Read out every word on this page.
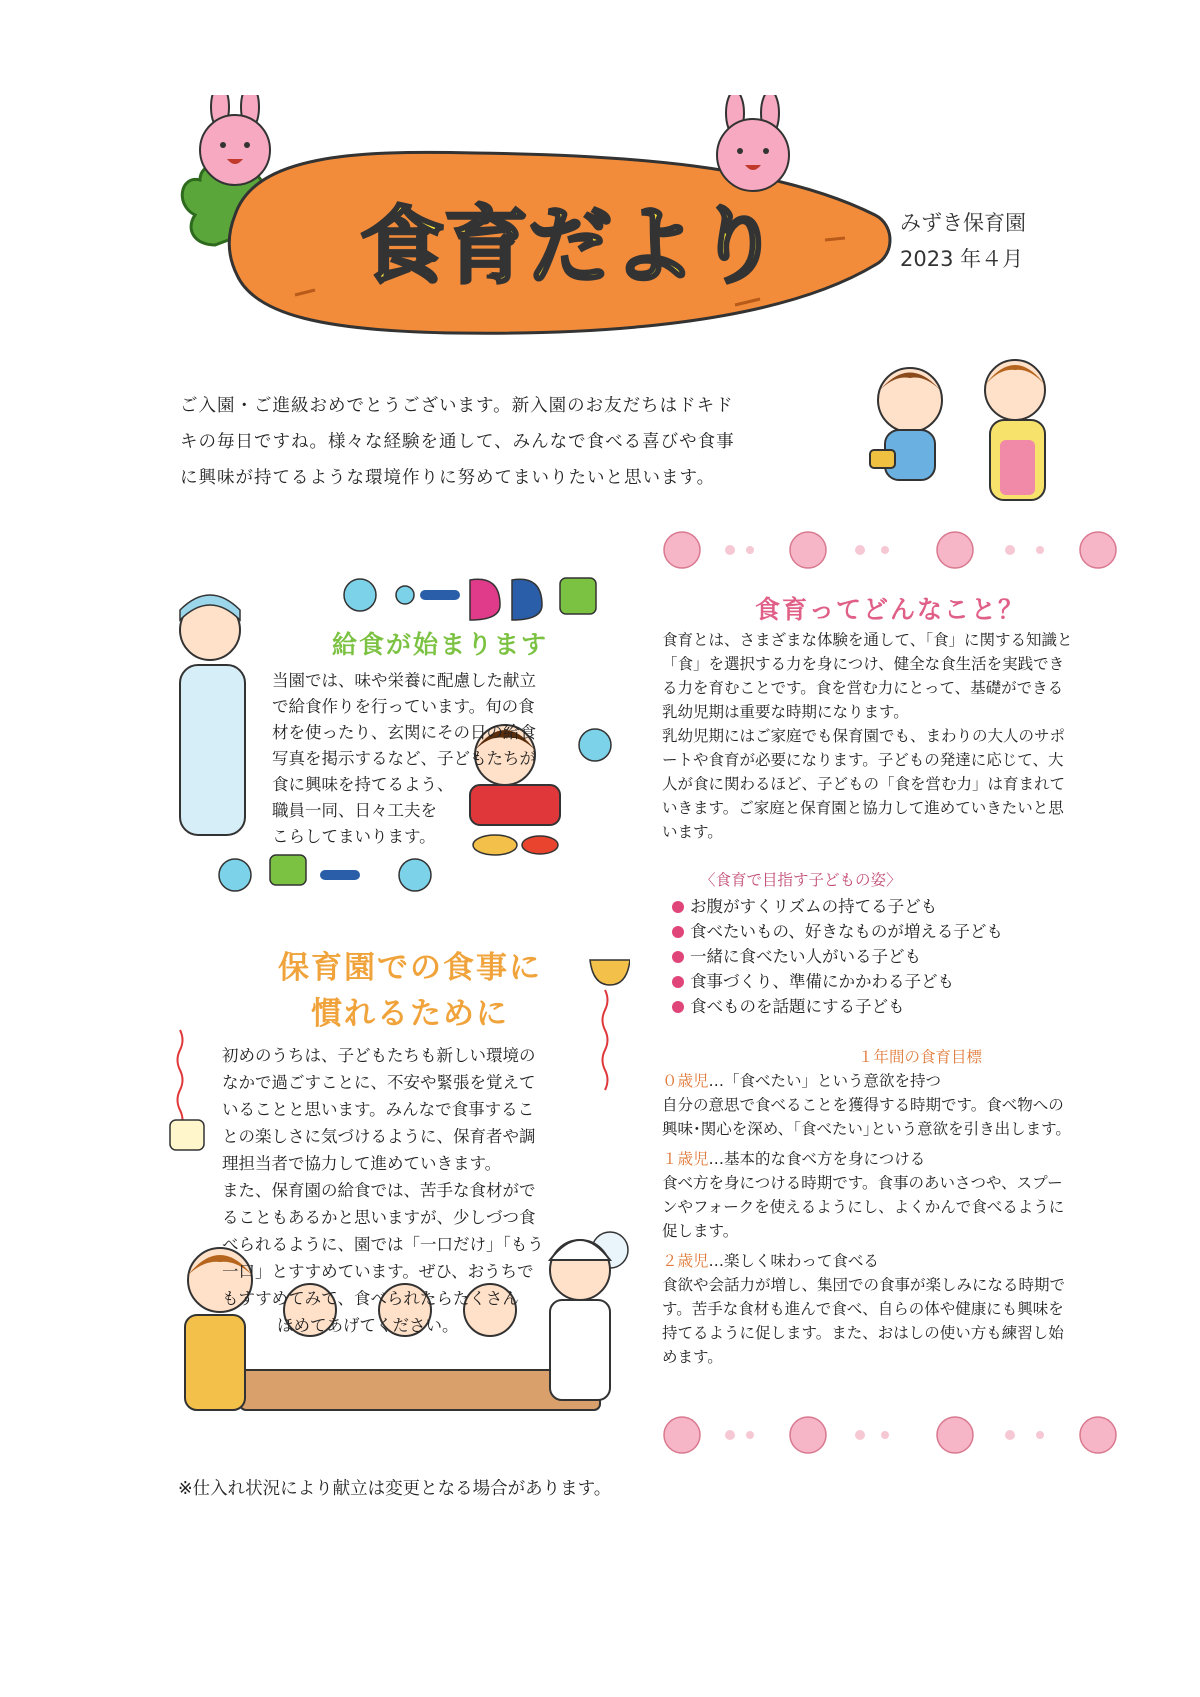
食育だより	みずき保育園
2023 年４月
ご入園・ご進級おめでとうございます。新入園のお友だちはドキドキの毎日ですね。様々な経験を通して、みんなで食べる喜びや食事に興味が持てるような環境作りに努めてまいりたいと思います。
給食が始まります

当園では、味や栄養に配慮した献立

で給食作りを行っています。旬の食

材を使ったり、玄関にその日の給食

写真を掲示するなど、子どもたちが

食に興味を持てるよう、

職員一同、日々工夫を

こらしてまいります。

保育園での食事に
慣れるために

初めのうちは、子どもたちも新しい環境の

なかで過ごすことに、不安や緊張を覚えて

いることと思います。みんなで食事するこ

との楽しさに気づけるように、保育者や調

理担当者で協力して進めていきます。

また、保育園の給食では、苦手な食材がで

ることもあるかと思いますが、少しづつ食

べられるように、園では「一口だけ」「もう

一口」とすすめています。ぜひ、おうちで

もすすめてみて、食べられたらたくさん

ほめてあげてください。

食育ってどんなこと？

食育とは、さまざまな体験を通して、「食」に関する知識と

「食」を選択する力を身につけ、健全な食生活を実践でき

る力を育むことです。食を営む力にとって、基礎ができる

乳幼児期は重要な時期になります。

乳幼児期にはご家庭でも保育園でも、まわりの大人のサポ

ートや食育が必要になります。子どもの発達に応じて、大

人が食に関わるほど、子どもの「食を営む力」は育まれて

いきます。ご家庭と保育園と協力して進めていきたいと思

います。

〈食育で目指す子どもの姿〉
お腹がすくリズムの持てる子ども
食べたいもの、好きなものが増える子ども
一緒に食べたい人がいる子ども
食事づくり、準備にかかわる子ども
食べものを話題にする子ども
１年間の食育目標

０歳児…「食べたい」という意欲を持つ

自分の意思で食べることを獲得する時期です。食べ物への

興味･関心を深め、｢食べたい｣という意欲を引き出します。

１歳児…基本的な食べ方を身につける

食べ方を身につける時期です。食事のあいさつや、スプー

ンやフォークを使えるようにし、よくかんで食べるように

促します。

２歳児…楽しく味わって食べる

食欲や会話力が増し、集団での食事が楽しみになる時期で

す。苦手な食材も進んで食べ、自らの体や健康にも興味を

持てるように促します。また、おはしの使い方も練習し始

めます。

※仕入れ状況により献立は変更となる場合があります。
